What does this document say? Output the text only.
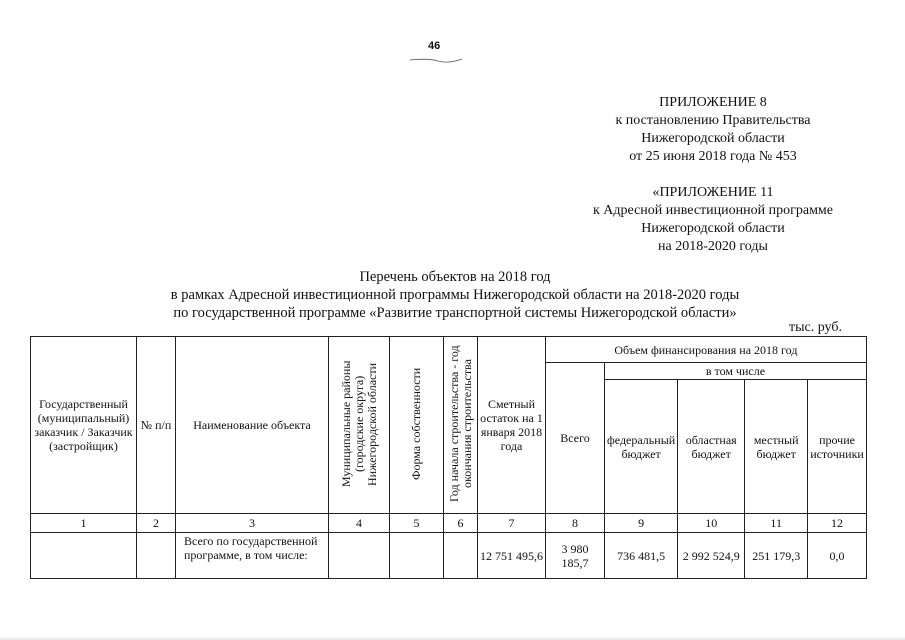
46
ПРИЛОЖЕНИЕ 8
к постановлению Правительства
Нижегородской области
от 25 июня 2018 года № 453
«ПРИЛОЖЕНИЕ 11
к Адресной инвестиционной программе
Нижегородской области
на 2018-2020 годы
Перечень объектов на 2018 год
в рамках Адресной инвестиционной программы Нижегородской области на 2018-2020 годы
по государственной программе «Развитие транспортной системы Нижегородской области»
тыс. руб.
Государственный (муниципальный) заказчик / Заказчик (застройщик)	№ п/п	Наименование объекта	Муниципальные районы (городские округа) Нижегородской области	Форма собственности	Год начала строительства - год окончания строительства	Сметный остаток на 1 января 2018 года	Объем финансирования на 2018 год				
							Всего	в том числе			
								федеральный бюджет	областная бюджет	местный бюджет	прочие источники
1	2	3	4	5	6	7	8	9	10	11	12
		Всего по государственной программе, в том числе:				12 751 495,6	3 980 185,7	736 481,5	2 992 524,9	251 179,3	0,0
